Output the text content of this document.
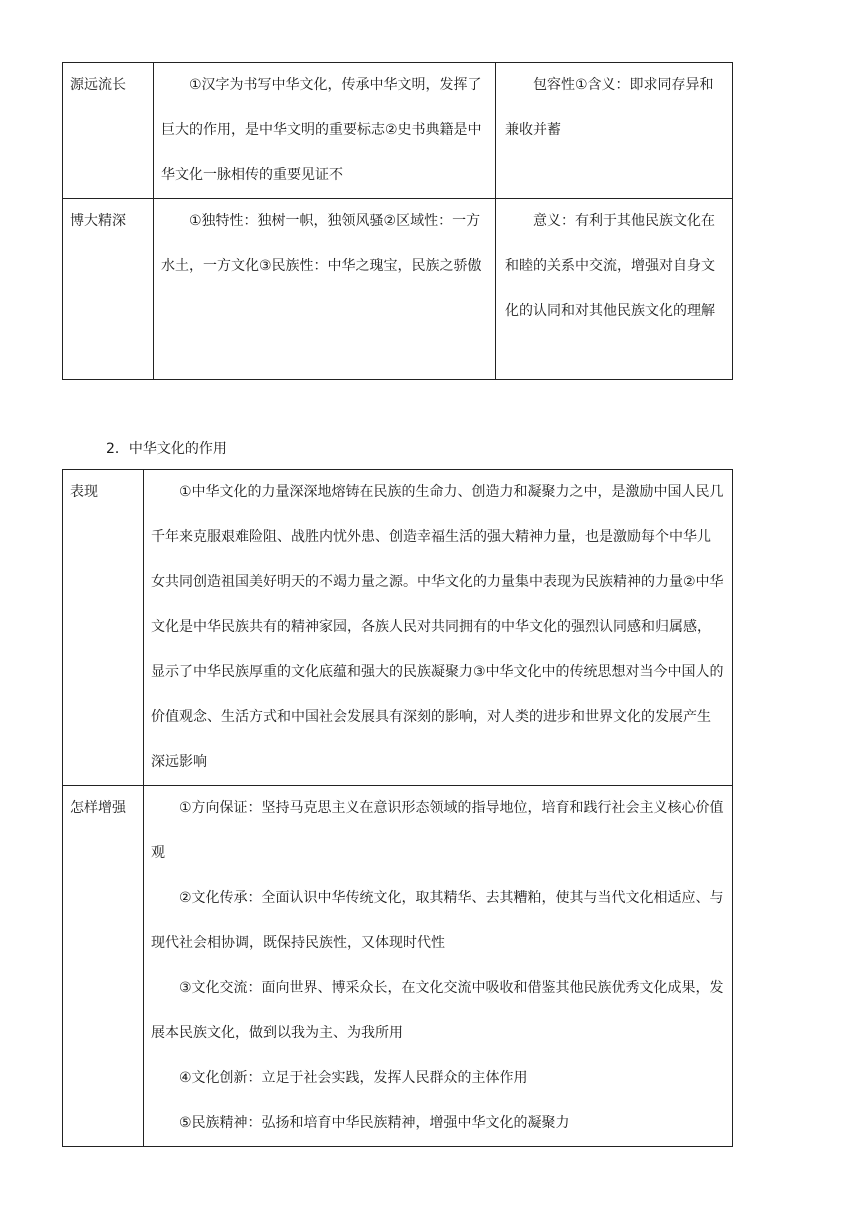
源远流长	①汉字为书写中华文化，传承中华文明，发挥了巨大的作用，是中华文明的重要标志②史书典籍是中华文化一脉相传的重要见证不	包容性①含义：即求同存异和兼收并蓄
博大精深	①独特性：独树一帜，独领风骚②区域性：一方水土，一方文化③民族性：中华之瑰宝，民族之骄傲	意义：有利于其他民族文化在和睦的关系中交流，增强对自身文化的认同和对其他民族文化的理解
2．中华文化的作用
表现	①中华文化的力量深深地熔铸在民族的生命力、创造力和凝聚力之中，是激励中国人民几千年来克服艰难险阻、战胜内忧外患、创造幸福生活的强大精神力量，也是激励每个中华儿女共同创造祖国美好明天的不竭力量之源。中华文化的力量集中表现为民族精神的力量②中华文化是中华民族共有的精神家园，各族人民对共同拥有的中华文化的强烈认同感和归属感，显示了中华民族厚重的文化底蕴和强大的民族凝聚力③中华文化中的传统思想对当今中国人的价值观念、生活方式和中国社会发展具有深刻的影响，对人类的进步和世界文化的发展产生深远影响

怎样增强	①方向保证：坚持马克思主义在意识形态领域的指导地位，培育和践行社会主义核心价值观

②文化传承：全面认识中华传统文化，取其精华、去其糟粕，使其与当代文化相适应、与现代社会相协调，既保持民族性，又体现时代性

③文化交流：面向世界、博采众长，在文化交流中吸收和借鉴其他民族优秀文化成果，发展本民族文化，做到以我为主、为我所用

④文化创新：立足于社会实践，发挥人民群众的主体作用

⑤民族精神：弘扬和培育中华民族精神，增强中华文化的凝聚力
